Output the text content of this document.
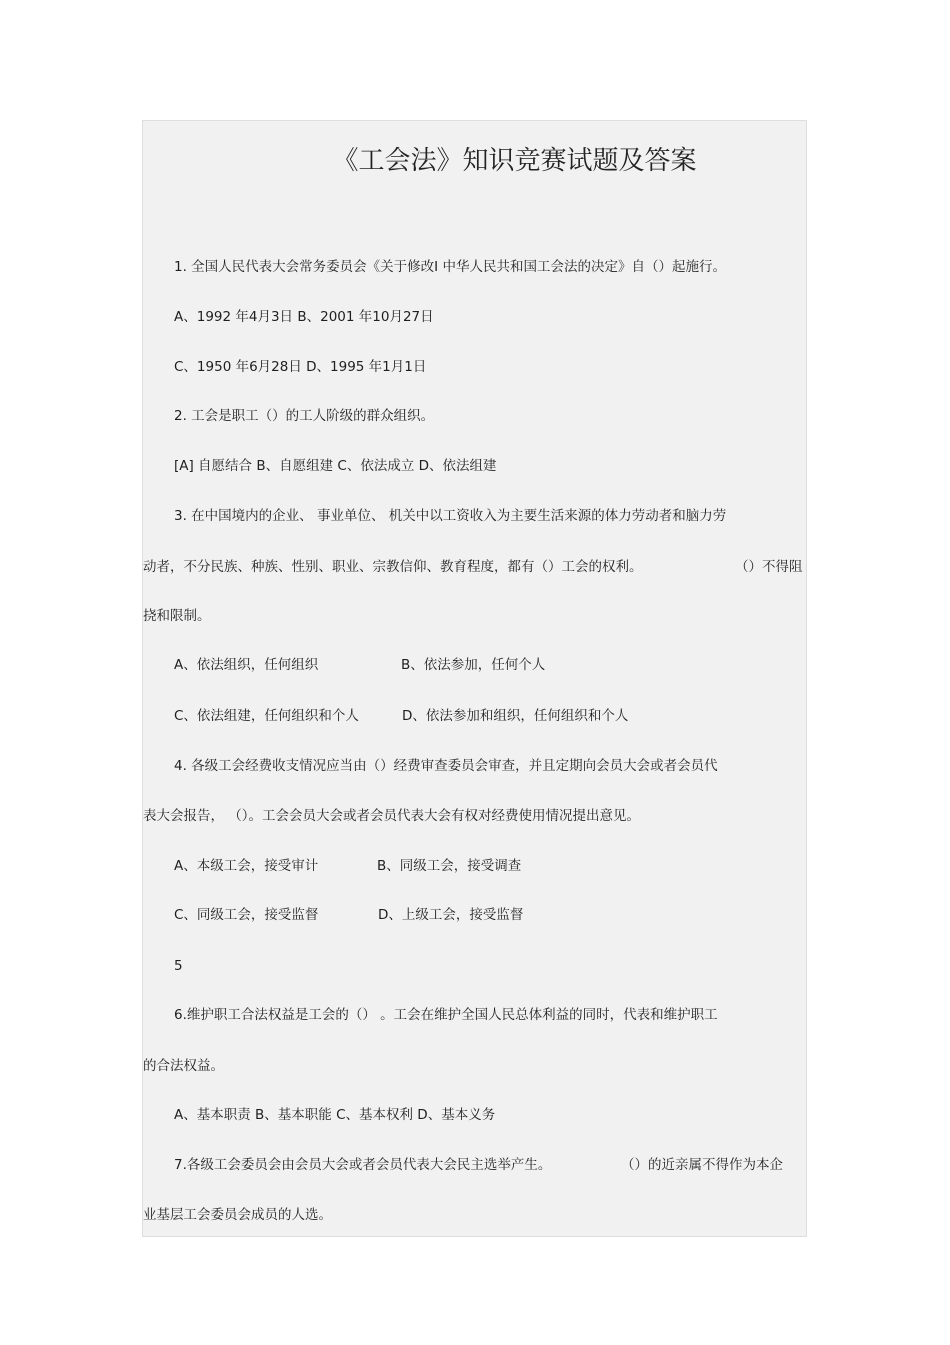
《工会法》知识竞赛试题及答案
1. 全国人民代表大会常务委员会《关于修改I 中华人民共和国工会法的决定》自（）起施行。
A、1992 年4月3日 B、2001 年10月27日
C、1950 年6月28日 D、1995 年1月1日
2. 工会是职工（）的工人阶级的群众组织。
[A] 自愿结合 B、自愿组建 C、依法成立 D、依法组建
3. 在中国境内的企业、 事业单位、 机关中以工资收入为主要生活来源的体力劳动者和脑力劳
动者，不分民族、种族、性别、职业、宗教信仰、教育程度，都有（）工会的权利。	（）不得阻
挠和限制。
A、依法组织，任何组织	B、依法参加，任何个人
C、依法组建，任何组织和个人	D、依法参加和组织，任何组织和个人
4. 各级工会经费收支情况应当由（）经费审查委员会审查，并且定期向会员大会或者会员代
表大会报告， （）。工会会员大会或者会员代表大会有权对经费使用情况提出意见。
A、本级工会，接受审计	B、同级工会，接受调查
C、同级工会，接受监督	D、上级工会，接受监督
5
6.维护职工合法权益是工会的（） 。工会在维护全国人民总体利益的同时，代表和维护职工
的合法权益。
A、基本职责 B、基本职能 C、基本权利 D、基本义务
7.各级工会委员会由会员大会或者会员代表大会民主选举产生。	（）的近亲属不得作为本企
业基层工会委员会成员的人选。
